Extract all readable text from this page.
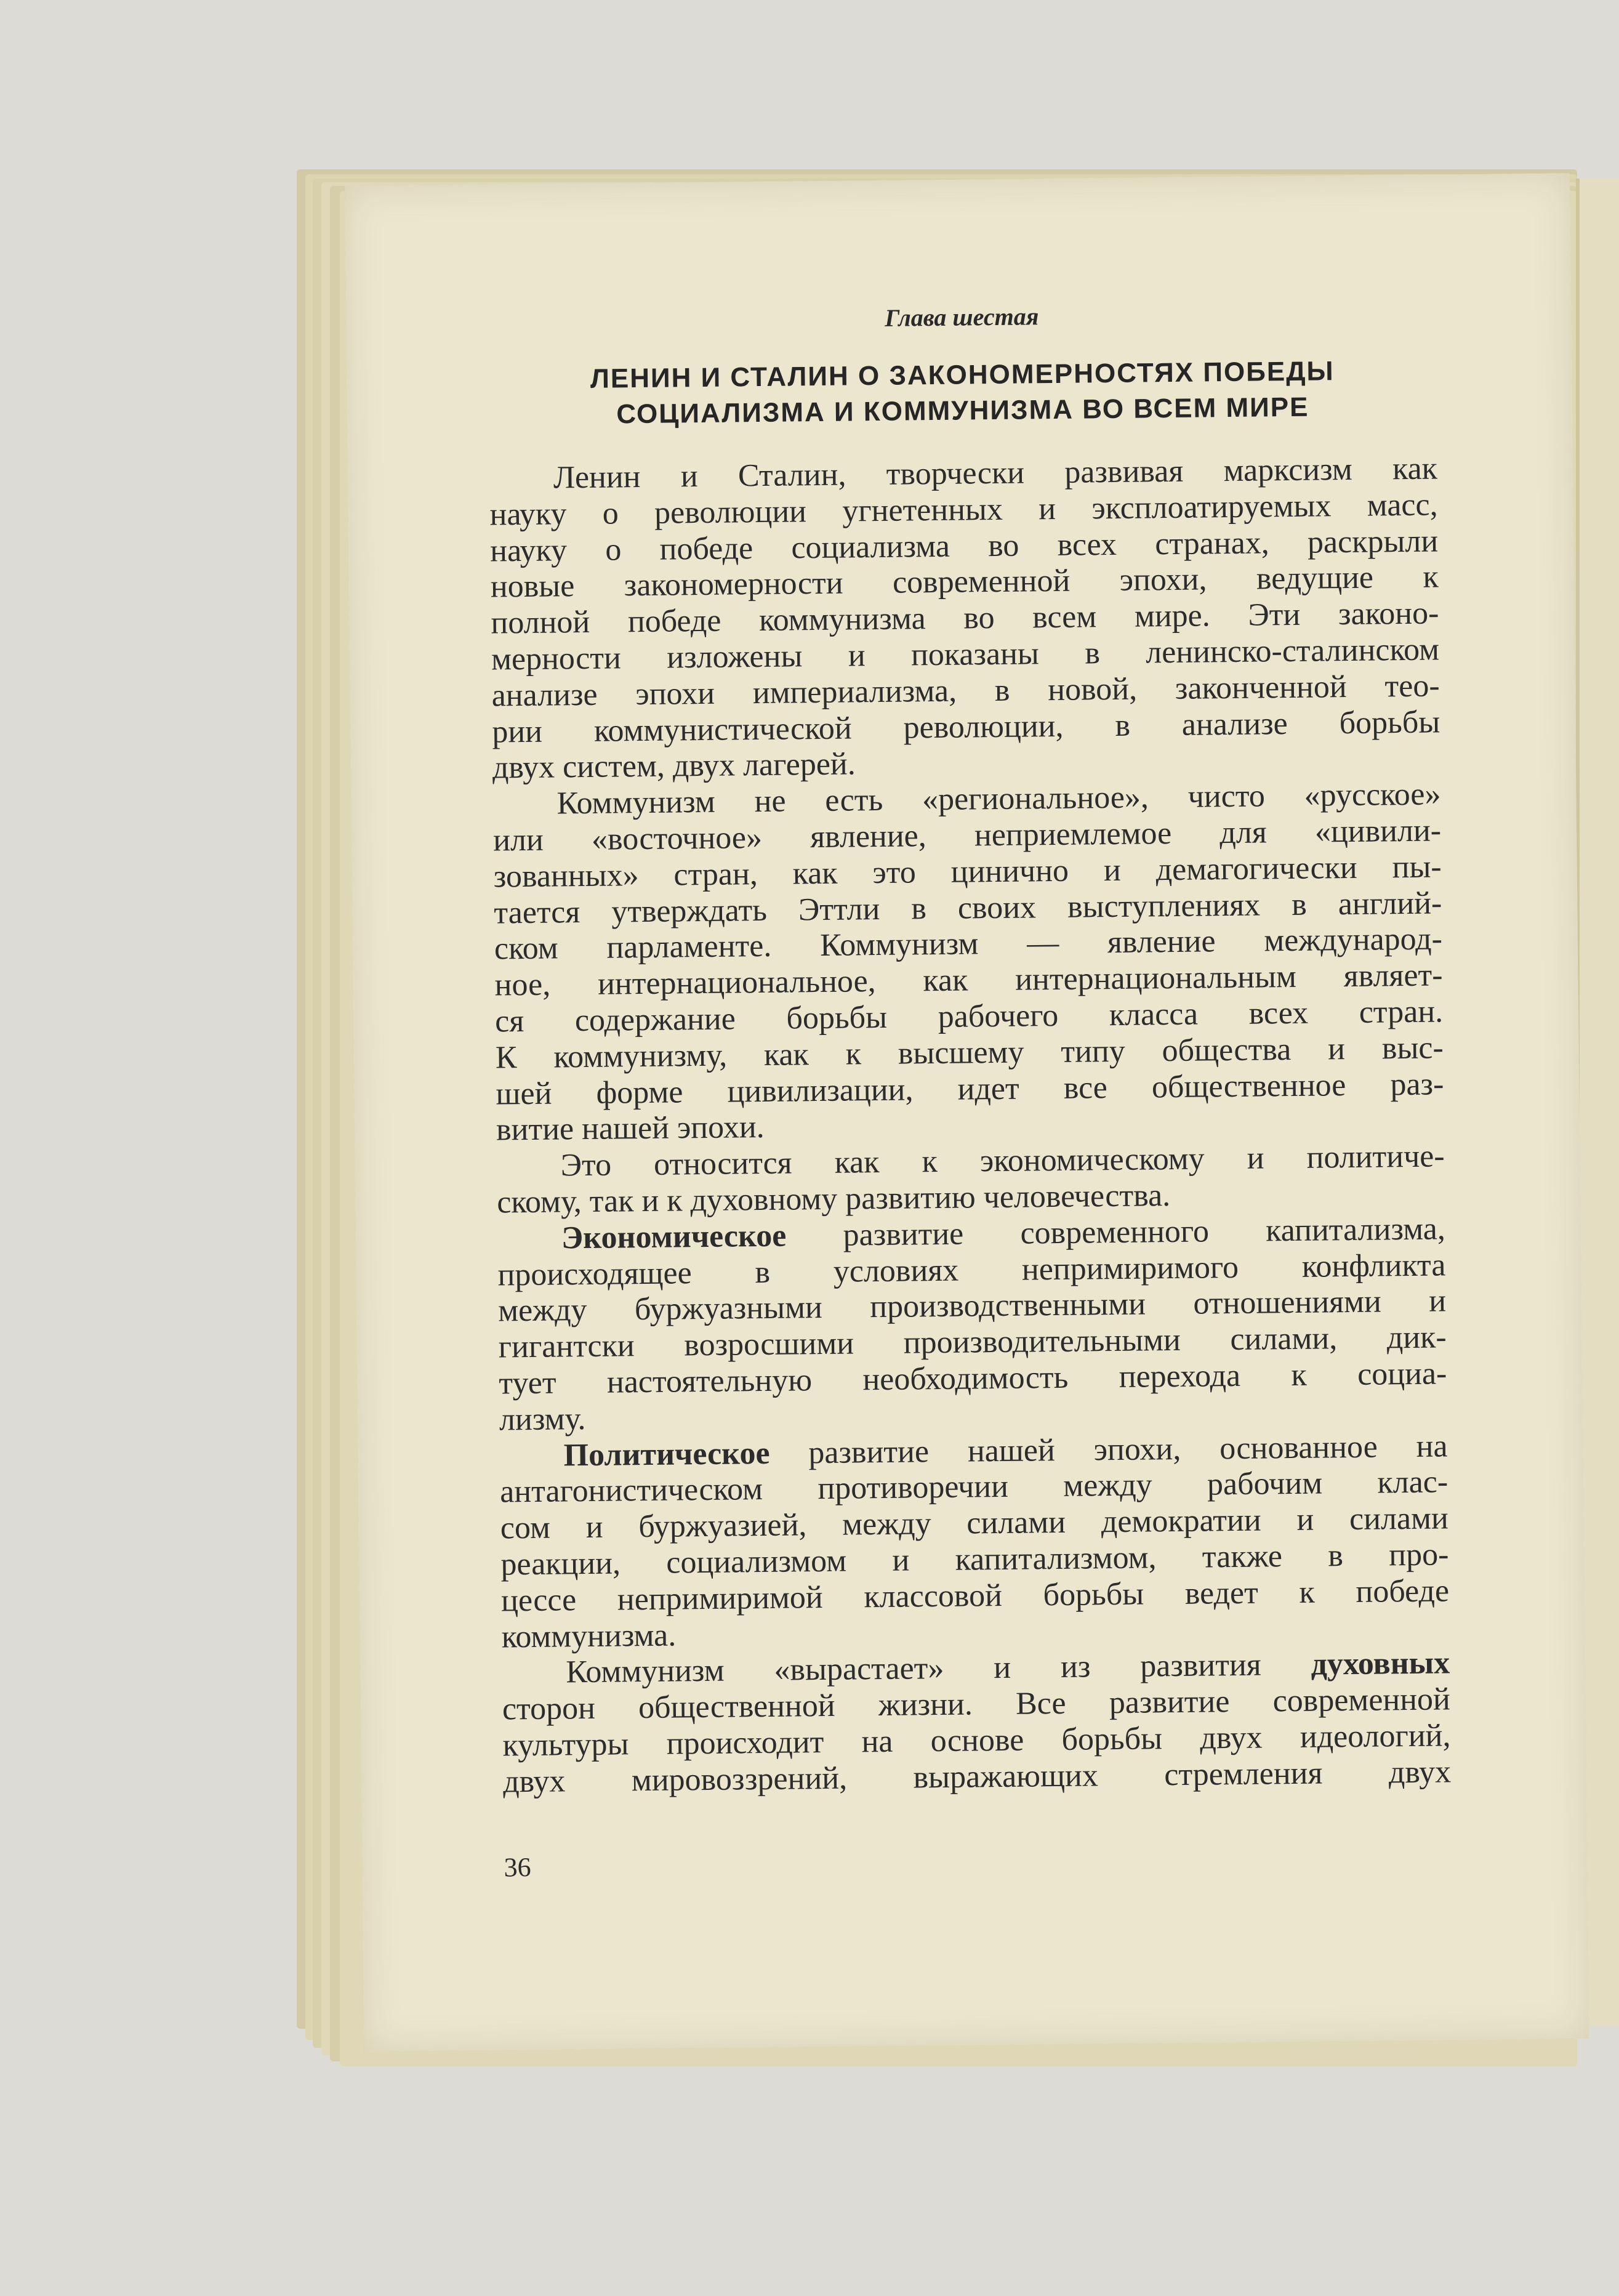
Глава шестая
ЛЕНИН И СТАЛИН О ЗАКОНОМЕРНОСТЯХ ПОБЕДЫ
СОЦИАЛИЗМА И КОММУНИЗМА ВО ВСЕМ МИРЕ
Ленин и Сталин, творчески развивая марксизм как
науку о революции угнетенных и эксплоатируемых масс,
науку о победе социализма во всех странах, раскрыли
новые закономерности современной эпохи, ведущие к
полной победе коммунизма во всем мире. Эти законо-
мерности изложены и показаны в ленинско-сталинском
анализе эпохи империализма, в новой, законченной тео-
рии коммунистической революции, в анализе борьбы
двух систем, двух лагерей.
Коммунизм не есть «региональное», чисто «русское»
или «восточное» явление, неприемлемое для «цивили-
зованных» стран, как это цинично и демагогически пы-
тается утверждать Эттли в своих выступлениях в англий-
ском парламенте. Коммунизм — явление международ-
ное, интернациональное, как интернациональным являет-
ся содержание борьбы рабочего класса всех стран.
К коммунизму, как к высшему типу общества и выс-
шей форме цивилизации, идет все общественное раз-
витие нашей эпохи.
Это относится как к экономическому и политиче-
скому, так и к духовному развитию человечества.
Экономическое развитие современного капитализма,
происходящее в условиях непримиримого конфликта
между буржуазными производственными отношениями и
гигантски возросшими производительными силами, дик-
тует настоятельную необходимость перехода к социа-
лизму.
Политическое развитие нашей эпохи, основанное на
антагонистическом противоречии между рабочим клас-
сом и буржуазией, между силами демократии и силами
реакции, социализмом и капитализмом, также в про-
цессе непримиримой классовой борьбы ведет к победе
коммунизма.
Коммунизм «вырастает» и из развития духовных
сторон общественной жизни. Все развитие современной
культуры происходит на основе борьбы двух идеологий,
двух мировоззрений, выражающих стремления двух
36
